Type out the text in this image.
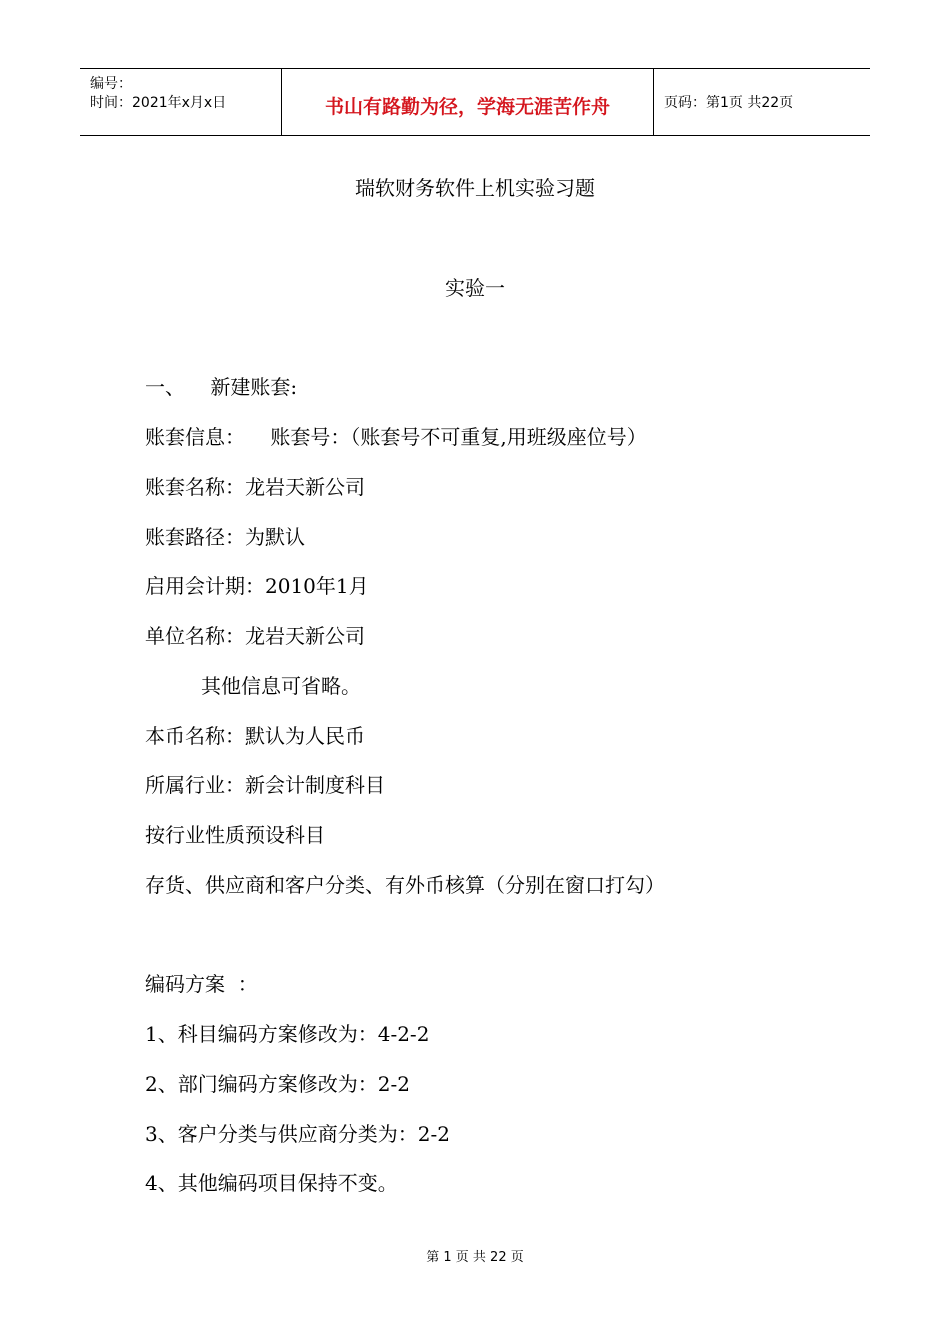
编号：
时间：2021年x月x日	书山有路勤为径，学海无涯苦作舟	页码：第1页 共22页
瑞软财务软件上机实验习题
实验一
一、    新建账套:
账套信息：    账套号：（账套号不可重复,用班级座位号）
账套名称：龙岩天新公司
账套路径：为默认
启用会计期：2010年1月
单位名称：龙岩天新公司
其他信息可省略。
本币名称：默认为人民币
所属行业：新会计制度科目
按行业性质预设科目
存货、供应商和客户分类、有外币核算（分别在窗口打勾）
编码方案  ：
1、科目编码方案修改为：4-2-2
2、部门编码方案修改为：2-2
3、客户分类与供应商分类为：2-2
4、其他编码项目保持不变。
第 1 页 共 22 页
